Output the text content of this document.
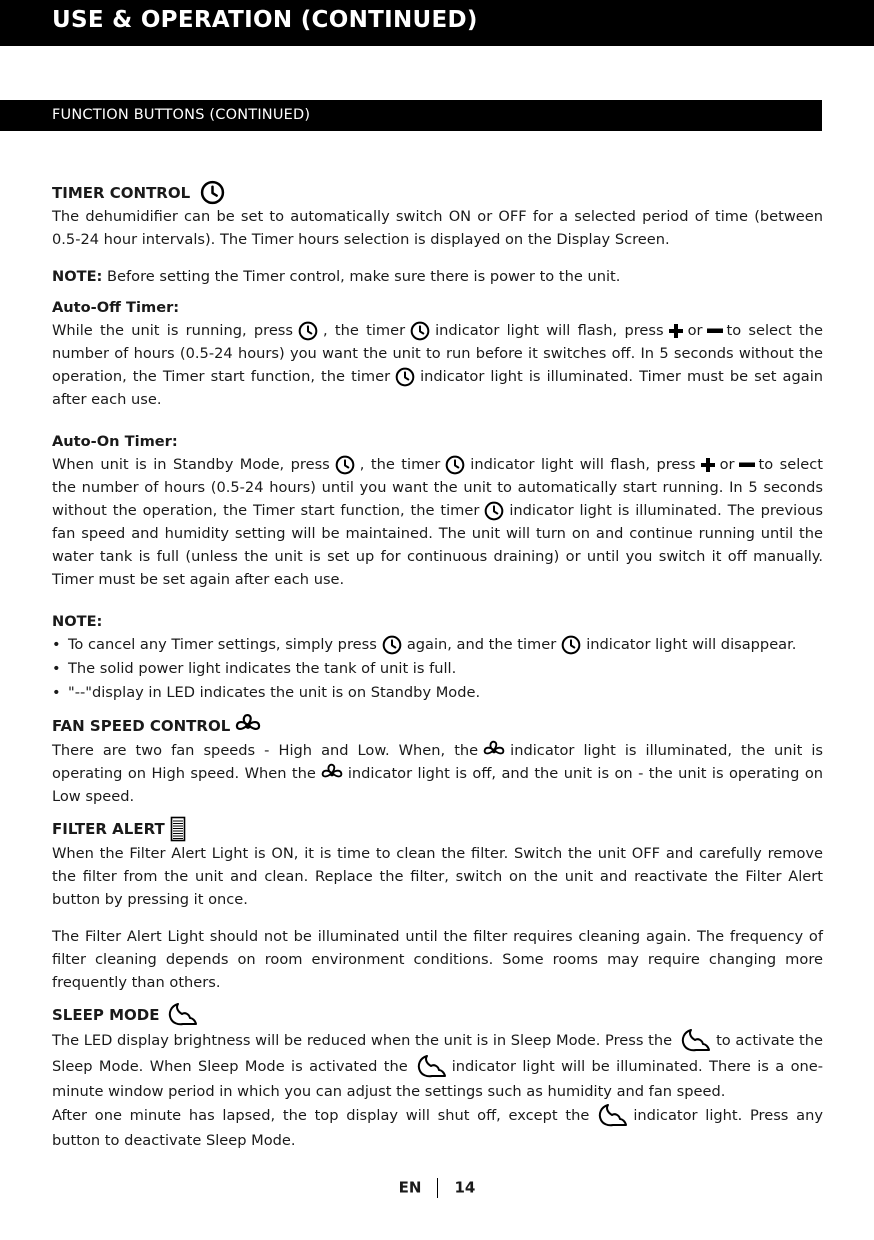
USE & OPERATION (CONTINUED)
FUNCTION BUTTONS (CONTINUED)
TIMER CONTROL

The dehumidifier can be set to automatically switch ON or OFF for a selected period of time (between 0.5-24 hour intervals). The Timer hours selection is displayed on the Display Screen.

NOTE: Before setting the Timer control, make sure there is power to the unit.

Auto-Off Timer:

While the unit is running, press , the timer indicator light will flash, press or to select the number of hours (0.5-24 hours) you want the unit to run before it switches off. In 5 seconds without the operation, the Timer start function, the timer indicator light is illuminated. Timer must be set again after each use.

Auto-On Timer:

When unit is in Standby Mode, press , the timer indicator light will flash, press or to select the number of hours (0.5-24 hours) until you want the unit to automatically start running. In 5 seconds without the operation, the Timer start function, the timer indicator light is illuminated. The previous fan speed and humidity setting will be maintained. The unit will turn on and continue running until the water tank is full (unless the unit is set up for continuous draining) or until you switch it off manually. Timer must be set again after each use.

NOTE:

• To cancel any Timer settings, simply press again, and the timer indicator light will disappear.
• The solid power light indicates the tank of unit is full.
• "--"display in LED indicates the unit is on Standby Mode.
FAN SPEED CONTROL

There are two fan speeds - High and Low. When, the indicator light is illuminated, the unit is operating on High speed. When the indicator light is off, and the unit is on - the unit is operating on Low speed.

FILTER ALERT

When the Filter Alert Light is ON, it is time to clean the filter. Switch the unit OFF and carefully remove the filter from the unit and clean. Replace the filter, switch on the unit and reactivate the Filter Alert button by pressing it once.

The Filter Alert Light should not be illuminated until the filter requires cleaning again. The frequency of filter cleaning depends on room environment conditions. Some rooms may require changing more frequently than others.

SLEEP MODE

The LED display brightness will be reduced when the unit is in Sleep Mode. Press the	to activate the Sleep Mode. When Sleep Mode is activated the	indicator light will be illuminated. There is a one-minute window period in which you can adjust the settings such as humidity and fan speed.

After one minute has lapsed, the top display will shut off, except the	indicator light. Press any button to deactivate Sleep Mode.

EN 14
